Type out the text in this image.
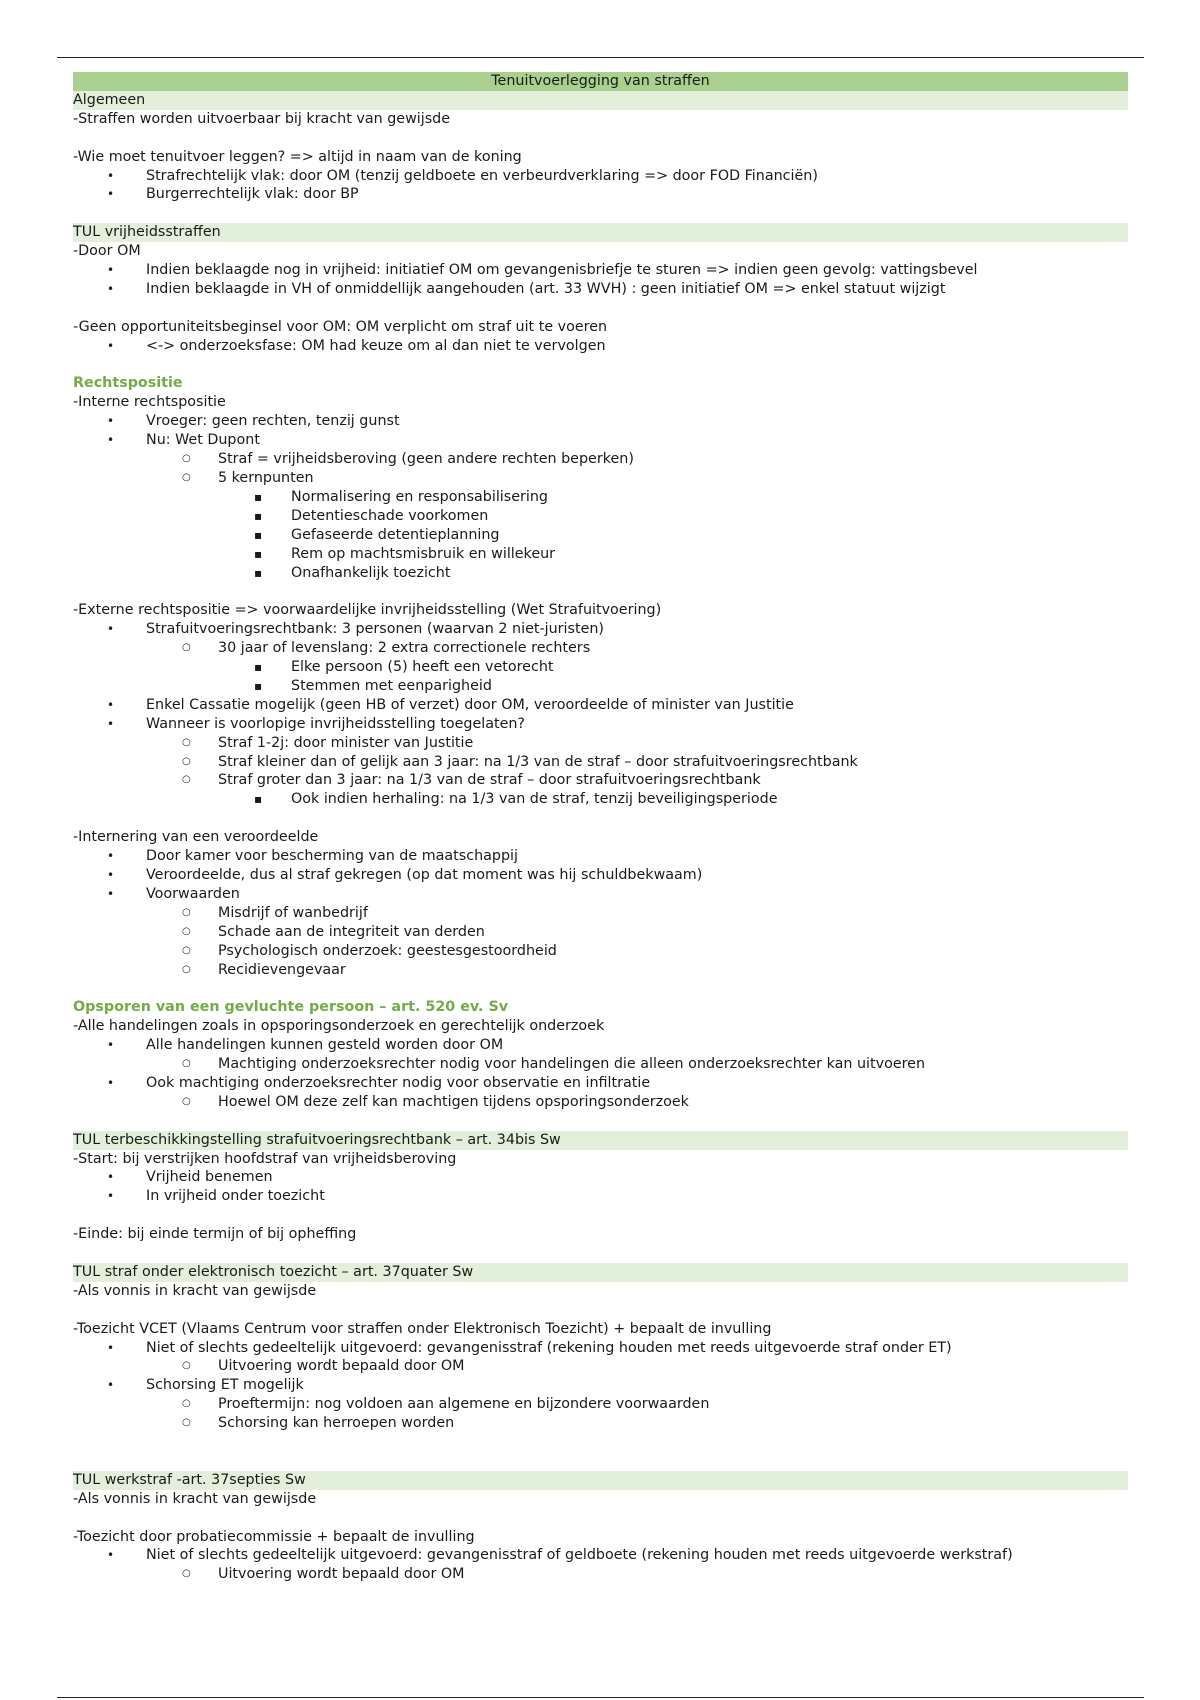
Tenuitvoerlegging van straffen
Algemeen
-Straffen worden uitvoerbaar bij kracht van gewijsde
-Wie moet tenuitvoer leggen? => altijd in naam van de koning
• Strafrechtelijk vlak: door OM (tenzij geldboete en verbeurdverklaring => door FOD Financiën)
• Burgerrechtelijk vlak: door BP
TUL vrijheidsstraffen
-Door OM
• Indien beklaagde nog in vrijheid: initiatief OM om gevangenisbriefje te sturen => indien geen gevolg: vattingsbevel
• Indien beklaagde in VH of onmiddellijk aangehouden (art. 33 WVH) : geen initiatief OM => enkel statuut wijzigt
-Geen opportuniteitsbeginsel voor OM: OM verplicht om straf uit te voeren
• <-> onderzoeksfase: OM had keuze om al dan niet te vervolgen
Rechtspositie
-Interne rechtspositie
• Vroeger: geen rechten, tenzij gunst
• Nu: Wet Dupont
○ Straf = vrijheidsberoving (geen andere rechten beperken)
○ 5 kernpunten
▪ Normalisering en responsabilisering
▪ Detentieschade voorkomen
▪ Gefaseerde detentieplanning
▪ Rem op machtsmisbruik en willekeur
▪ Onafhankelijk toezicht
-Externe rechtspositie => voorwaardelijke invrijheidsstelling (Wet Strafuitvoering)
• Strafuitvoeringsrechtbank: 3 personen (waarvan 2 niet-juristen)
○ 30 jaar of levenslang: 2 extra correctionele rechters
▪ Elke persoon (5) heeft een vetorecht
▪ Stemmen met eenparigheid
• Enkel Cassatie mogelijk (geen HB of verzet) door OM, veroordeelde of minister van Justitie
• Wanneer is voorlopige invrijheidsstelling toegelaten?
○ Straf 1-2j: door minister van Justitie
○ Straf kleiner dan of gelijk aan 3 jaar: na 1/3 van de straf – door strafuitvoeringsrechtbank
○ Straf groter dan 3 jaar: na 1/3 van de straf – door strafuitvoeringsrechtbank
▪ Ook indien herhaling: na 1/3 van de straf, tenzij beveiligingsperiode
-Internering van een veroordeelde
• Door kamer voor bescherming van de maatschappij
• Veroordeelde, dus al straf gekregen (op dat moment was hij schuldbekwaam)
• Voorwaarden
○ Misdrijf of wanbedrijf
○ Schade aan de integriteit van derden
○ Psychologisch onderzoek: geestesgestoordheid
○ Recidievengevaar
Opsporen van een gevluchte persoon – art. 520 ev. Sv
-Alle handelingen zoals in opsporingsonderzoek en gerechtelijk onderzoek
• Alle handelingen kunnen gesteld worden door OM
○ Machtiging onderzoeksrechter nodig voor handelingen die alleen onderzoeksrechter kan uitvoeren
• Ook machtiging onderzoeksrechter nodig voor observatie en infiltratie
○ Hoewel OM deze zelf kan machtigen tijdens opsporingsonderzoek
TUL terbeschikkingstelling strafuitvoeringsrechtbank – art. 34bis Sw
-Start: bij verstrijken hoofdstraf van vrijheidsberoving
• Vrijheid benemen
• In vrijheid onder toezicht
-Einde: bij einde termijn of bij opheffing
TUL straf onder elektronisch toezicht – art. 37quater Sw
-Als vonnis in kracht van gewijsde
-Toezicht VCET (Vlaams Centrum voor straffen onder Elektronisch Toezicht) + bepaalt de invulling
• Niet of slechts gedeeltelijk uitgevoerd: gevangenisstraf (rekening houden met reeds uitgevoerde straf onder ET)
○ Uitvoering wordt bepaald door OM
• Schorsing ET mogelijk
○ Proeftermijn: nog voldoen aan algemene en bijzondere voorwaarden
○ Schorsing kan herroepen worden
TUL werkstraf -art. 37septies Sw
-Als vonnis in kracht van gewijsde
-Toezicht door probatiecommissie + bepaalt de invulling
• Niet of slechts gedeeltelijk uitgevoerd: gevangenisstraf of geldboete (rekening houden met reeds uitgevoerde werkstraf)
○ Uitvoering wordt bepaald door OM
